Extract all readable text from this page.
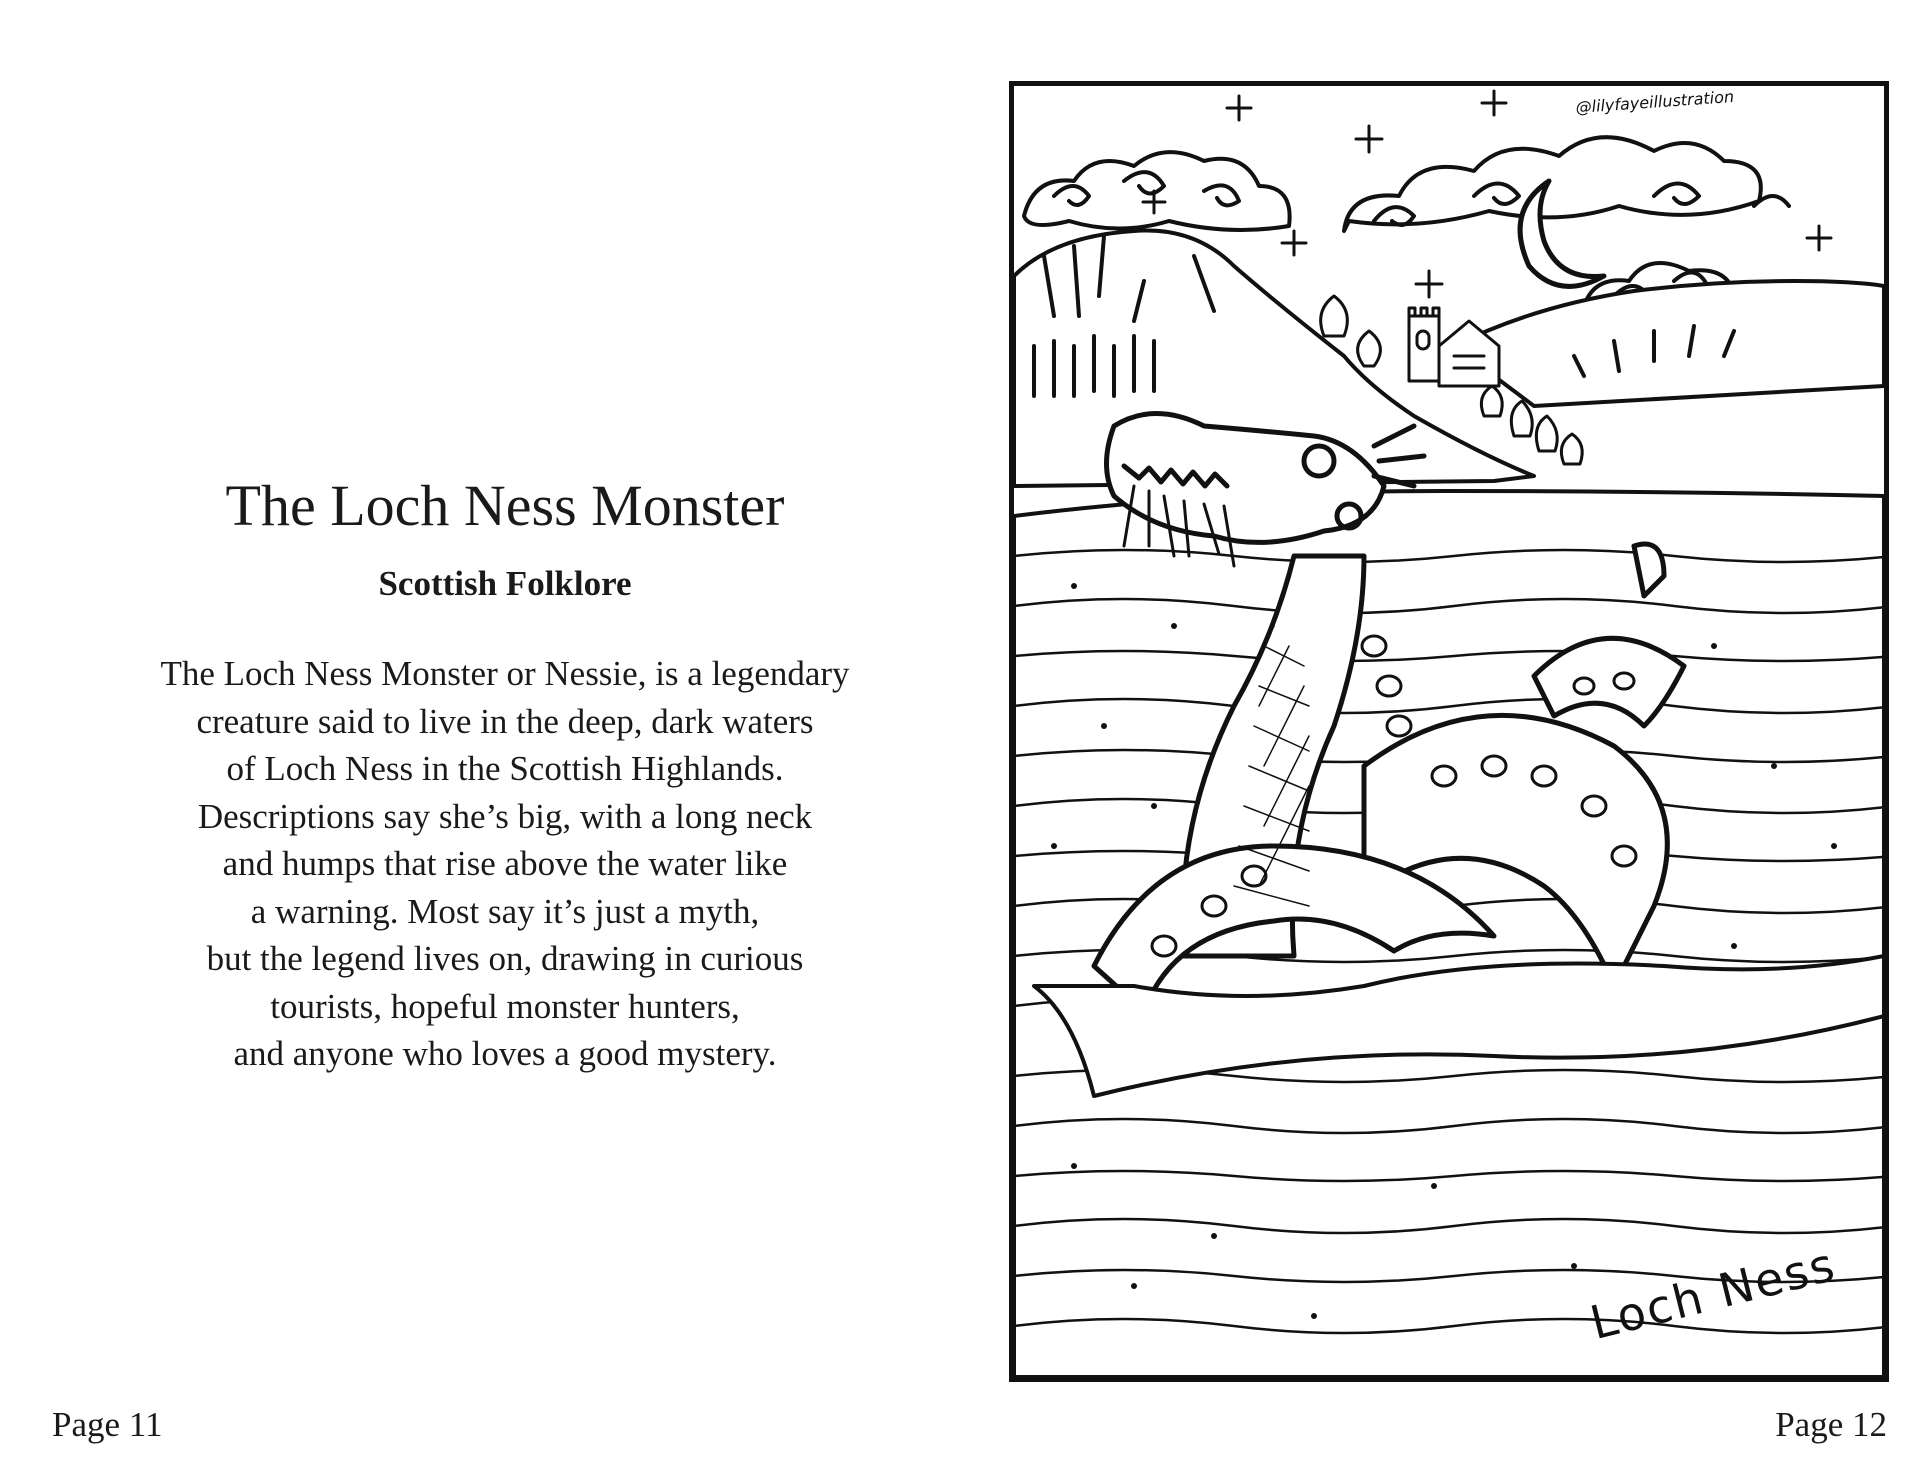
The Loch Ness Monster
Scottish Folklore

The Loch Ness Monster or Nessie, is a legendary
creature said to live in the deep, dark waters
of Loch Ness in the Scottish Highlands.
Descriptions say she’s big, with a long neck
and humps that rise above the water like
a warning. Most say it’s just a myth,
but the legend lives on, drawing in curious
tourists, hopeful monster hunters,
and anyone who loves a good mystery.

Page 11
@lilyfayeillustration
Loch Ness
Page 12
